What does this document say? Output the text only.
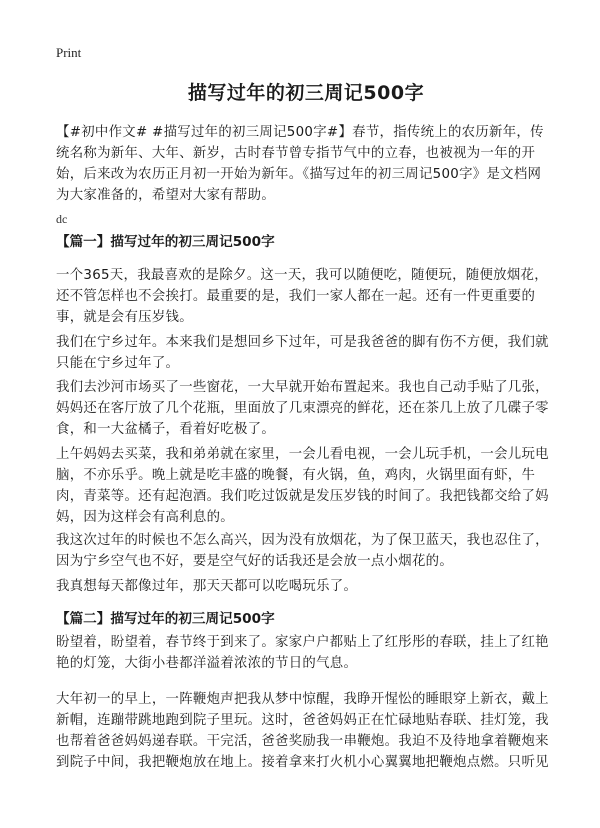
Print
描写过年的初三周记500字

【#初中作文# #描写过年的初三周记500字#】春节，指传统上的农历新年，传统名称为新年、大年、新岁，古时春节曾专指节气中的立春，也被视为一年的开始，后来改为农历正月初一开始为新年。《描写过年的初三周记500字》是文档网为大家准备的，希望对大家有帮助。

dc
【篇一】描写过年的初三周记500字

一个365天，我最喜欢的是除夕。这一天，我可以随便吃，随便玩，随便放烟花，还不管怎样也不会挨打。最重要的是，我们一家人都在一起。还有一件更重要的事，就是会有压岁钱。

我们在宁乡过年。本来我们是想回乡下过年，可是我爸爸的脚有伤不方便，我们就只能在宁乡过年了。

我们去沙河市场买了一些窗花，一大早就开始布置起来。我也自己动手贴了几张，妈妈还在客厅放了几个花瓶，里面放了几束漂亮的鲜花，还在茶几上放了几碟子零食，和一大盆橘子，看着好吃极了。

上午妈妈去买菜，我和弟弟就在家里，一会儿看电视，一会儿玩手机，一会儿玩电脑，不亦乐乎。晚上就是吃丰盛的晚餐，有火锅，鱼，鸡肉，火锅里面有虾，牛肉，青菜等。还有起泡酒。我们吃过饭就是发压岁钱的时间了。我把钱都交给了妈妈，因为这样会有高利息的。

我这次过年的时候也不怎么高兴，因为没有放烟花，为了保卫蓝天，我也忍住了，因为宁乡空气也不好，要是空气好的话我还是会放一点小烟花的。

我真想每天都像过年，那天天都可以吃喝玩乐了。

【篇二】描写过年的初三周记500字

盼望着，盼望着，春节终于到来了。家家户户都贴上了红彤彤的春联，挂上了红艳艳的灯笼，大街小巷都洋溢着浓浓的节日的气息。

大年初一的早上，一阵鞭炮声把我从梦中惊醒，我睁开惺忪的睡眼穿上新衣，戴上新帽，连蹦带跳地跑到院子里玩。这时，爸爸妈妈正在忙碌地贴春联、挂灯笼，我也帮着爸爸妈妈递春联。干完活，爸爸奖励我一串鞭炮。我迫不及待地拿着鞭炮来到院子中间，我把鞭炮放在地上。接着拿来打火机小心翼翼地把鞭炮点燃。只听见
